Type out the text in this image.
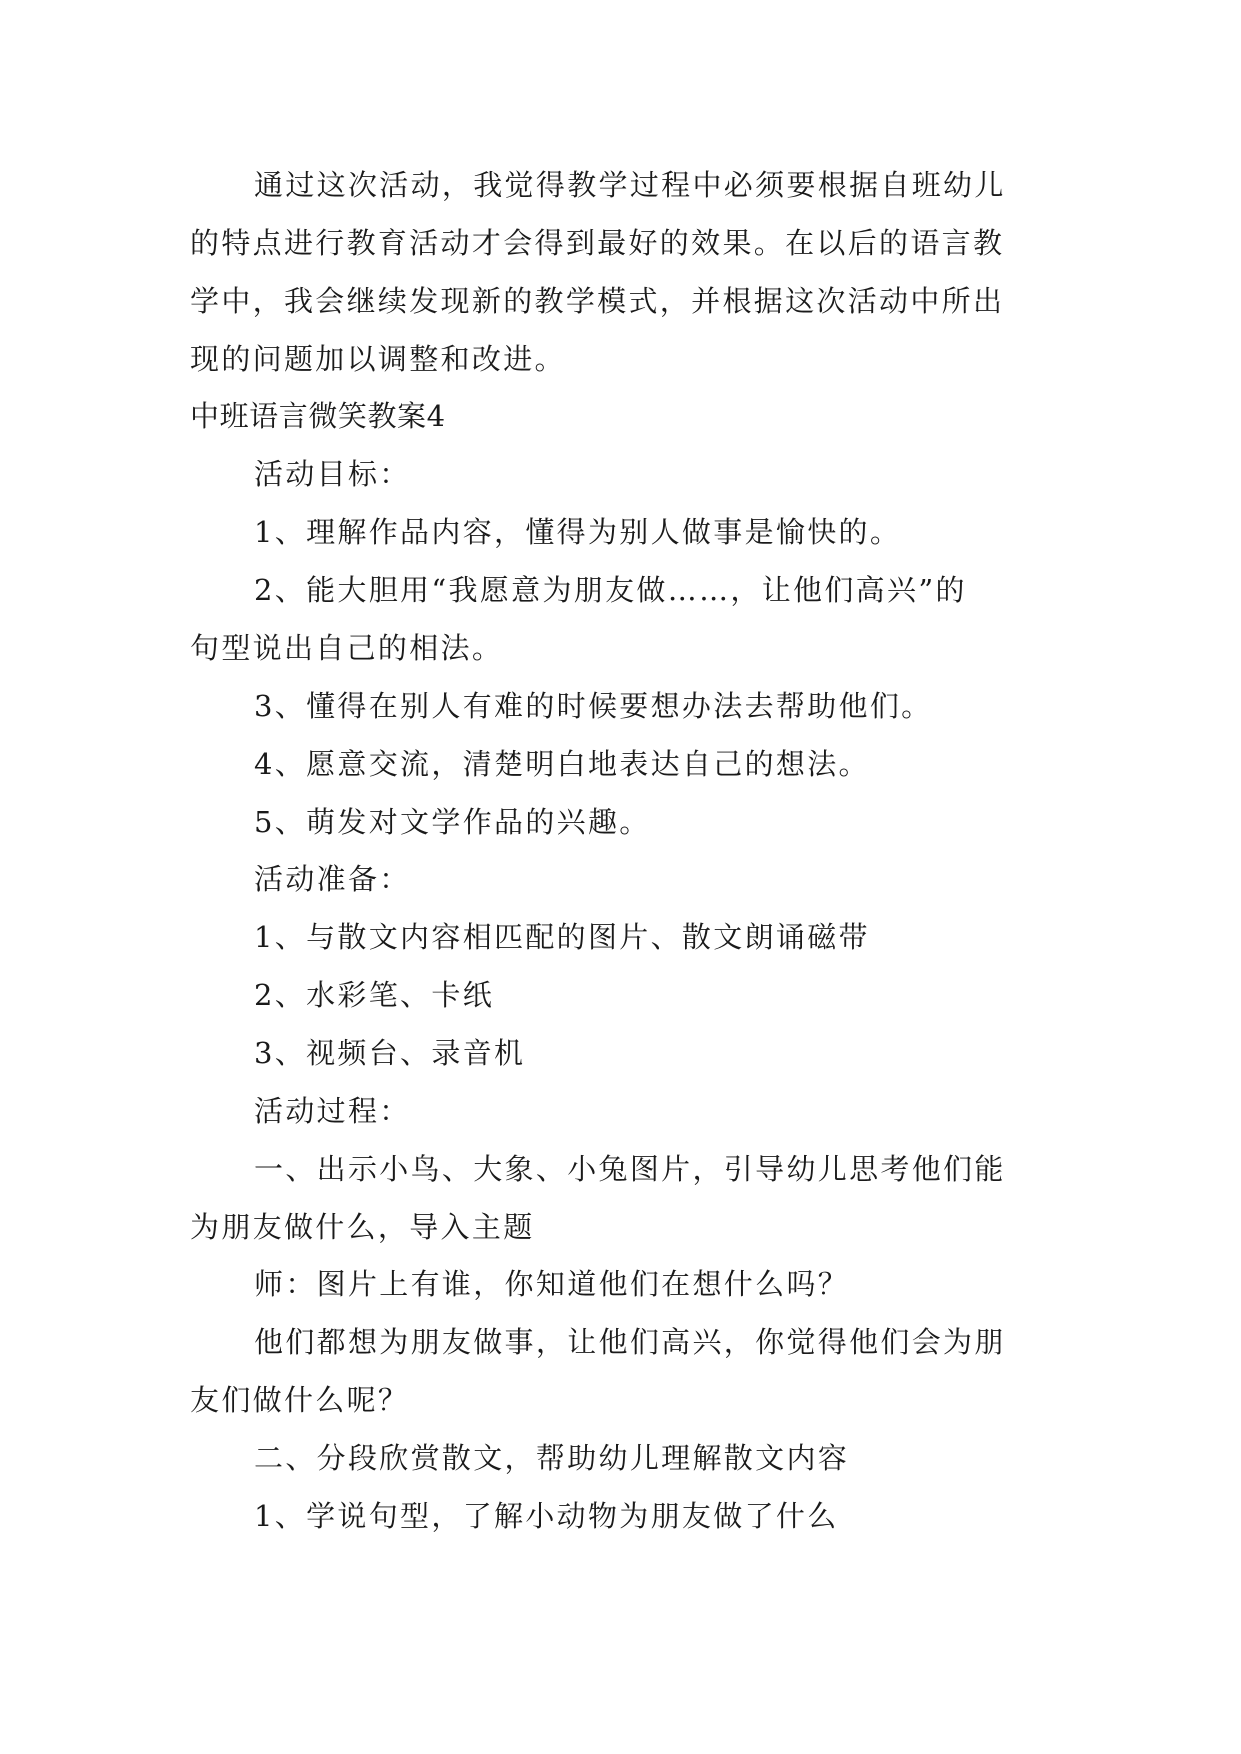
通过这次活动，我觉得教学过程中必须要根据自班幼儿
的特点进行教育活动才会得到最好的效果。在以后的语言教
学中，我会继续发现新的教学模式，并根据这次活动中所出
现的问题加以调整和改进。
中班语言微笑教案4
活动目标：
1、理解作品内容，懂得为别人做事是愉快的。
2、能大胆用“我愿意为朋友做……，让他们高兴”的
句型说出自己的相法。
3、懂得在别人有难的时候要想办法去帮助他们。
4、愿意交流，清楚明白地表达自己的想法。
5、萌发对文学作品的兴趣。
活动准备：
1、与散文内容相匹配的图片、散文朗诵磁带
2、水彩笔、卡纸
3、视频台、录音机
活动过程：
一、出示小鸟、大象、小兔图片，引导幼儿思考他们能
为朋友做什么，导入主题
师：图片上有谁，你知道他们在想什么吗？
他们都想为朋友做事，让他们高兴，你觉得他们会为朋
友们做什么呢？
二、分段欣赏散文，帮助幼儿理解散文内容
1、学说句型，了解小动物为朋友做了什么
